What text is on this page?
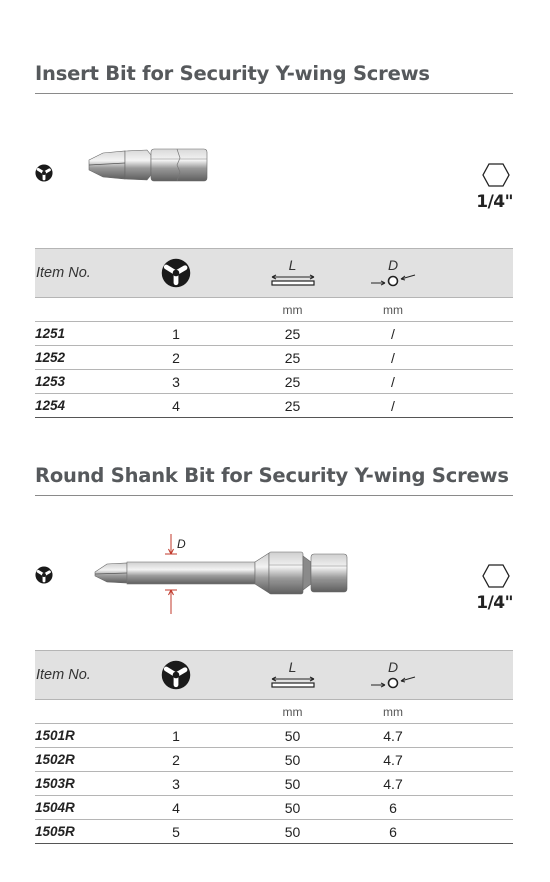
Insert Bit for Security Y-wing Screws
1/4"
Item No.		L	D	

		mm	mm	
1251	1	25	/	
1252	2	25	/	
1253	3	25	/	
1254	4	25	/	
Round Shank Bit for Security Y-wing Screws
D
1/4"
Item No.		L	D	

		mm	mm	
1501R	1	50	4.7	
1502R	2	50	4.7	
1503R	3	50	4.7	
1504R	4	50	6	
1505R	5	50	6	
